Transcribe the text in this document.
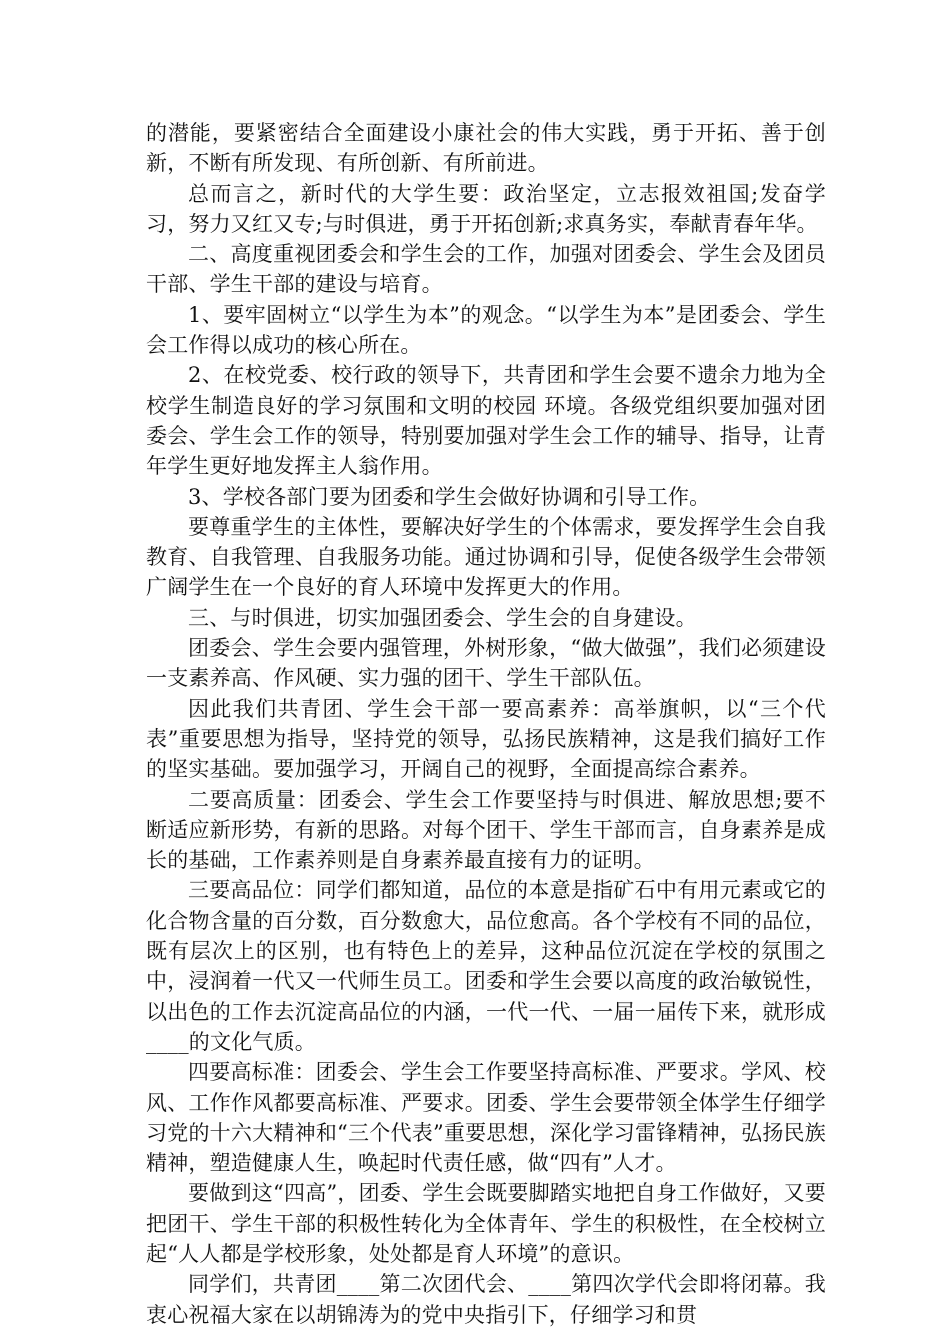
的潜能，要紧密结合全面建设小康社会的伟大实践，勇于开拓、善于创新，不断有所发现、有所创新、有所前进。

总而言之，新时代的大学生要：政治坚定，立志报效祖国;发奋学习，努力又红又专;与时俱进，勇于开拓创新;求真务实，奉献青春年华。

二、高度重视团委会和学生会的工作，加强对团委会、学生会及团员干部、学生干部的建设与培育。

1、要牢固树立“以学生为本”的观念。“以学生为本”是团委会、学生会工作得以成功的核心所在。

2、在校党委、校行政的领导下，共青团和学生会要不遗余力地为全校学生制造良好的学习氛围和文明的校园 环境。各级党组织要加强对团委会、学生会工作的领导，特别要加强对学生会工作的辅导、指导，让青年学生更好地发挥主人翁作用。

3、学校各部门要为团委和学生会做好协调和引导工作。

要尊重学生的主体性，要解决好学生的个体需求，要发挥学生会自我 教育、自我管理、自我服务功能。通过协调和引导，促使各级学生会带领广阔学生在一个良好的育人环境中发挥更大的作用。

三、与时俱进，切实加强团委会、学生会的自身建设。

团委会、学生会要内强管理，外树形象，“做大做强”，我们必须建设一支素养高、作风硬、实力强的团干、学生干部队伍。

因此我们共青团、学生会干部一要高素养：高举旗帜，以“三个代表”重要思想为指导，坚持党的领导，弘扬民族精神，这是我们搞好工作的坚实基础。要加强学习，开阔自己的视野，全面提高综合素养。

二要高质量：团委会、学生会工作要坚持与时俱进、解放思想;要不断适应新形势，有新的思路。对每个团干、学生干部而言，自身素养是成长的基础，工作素养则是自身素养最直接有力的证明。

三要高品位：同学们都知道，品位的本意是指矿石中有用元素或它的化合物含量的百分数，百分数愈大，品位愈高。各个学校有不同的品位，既有层次上的区别，也有特色上的差异，这种品位沉淀在学校的氛围之中，浸润着一代又一代师生员工。团委和学生会要以高度的政治敏锐性，以出色的工作去沉淀高品位的内涵，一代一代、一届一届传下来，就形成____的文化气质。

四要高标准：团委会、学生会工作要坚持高标准、严要求。学风、校风、工作作风都要高标准、严要求。团委、学生会要带领全体学生仔细学习党的十六大精神和“三个代表”重要思想，深化学习雷锋精神，弘扬民族精神，塑造健康人生，唤起时代责任感，做“四有”人才。

要做到这“四高”，团委、学生会既要脚踏实地把自身工作做好，又要把团干、学生干部的积极性转化为全体青年、学生的积极性，在全校树立起“人人都是学校形象，处处都是育人环境”的意识。

同学们，共青团____第二次团代会、____第四次学代会即将闭幕。我衷心祝福大家在以胡锦涛为的党中央指引下，仔细学习和贯
